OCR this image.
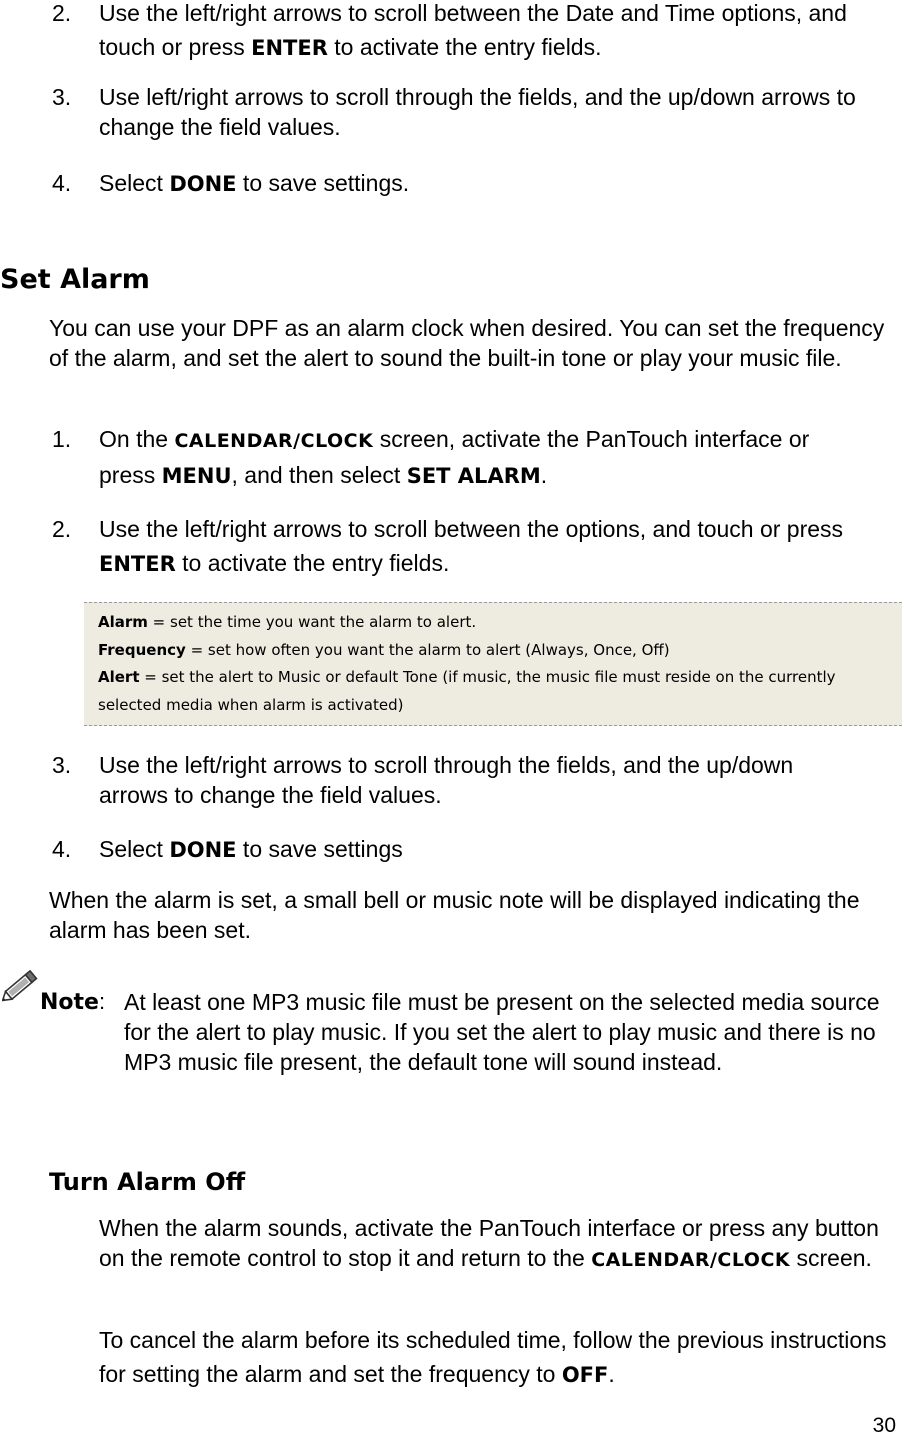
2. Use the left/right arrows to scroll between the Date and Time options, and touch or press ENTER to activate the entry fields.
3. Use left/right arrows to scroll through the fields, and the up/down arrows to change the field values.
4. Select DONE to save settings.
Set Alarm
You can use your DPF as an alarm clock when desired. You can set the frequency of the alarm, and set the alert to sound the built-in tone or play your music file.
1. On the CALENDAR/CLOCK screen, activate the PanTouch interface or press MENU, and then select SET ALARM.
2. Use the left/right arrows to scroll between the options, and touch or press ENTER to activate the entry fields.
Alarm = set the time you want the alarm to alert.
Frequency = set how often you want the alarm to alert (Always, Once, Off)
Alert = set the alert to Music or default Tone (if music, the music file must reside on the currently selected media when alarm is activated)
3. Use the left/right arrows to scroll through the fields, and the up/down arrows to change the field values.
4. Select DONE to save settings
When the alarm is set, a small bell or music note will be displayed indicating the alarm has been set.
Note: At least one MP3 music file must be present on the selected media source for the alert to play music. If you set the alert to play music and there is no MP3 music file present, the default tone will sound instead.
Turn Alarm Off
When the alarm sounds, activate the PanTouch interface or press any button on the remote control to stop it and return to the CALENDAR/CLOCK screen.
To cancel the alarm before its scheduled time, follow the previous instructions for setting the alarm and set the frequency to OFF.
30
